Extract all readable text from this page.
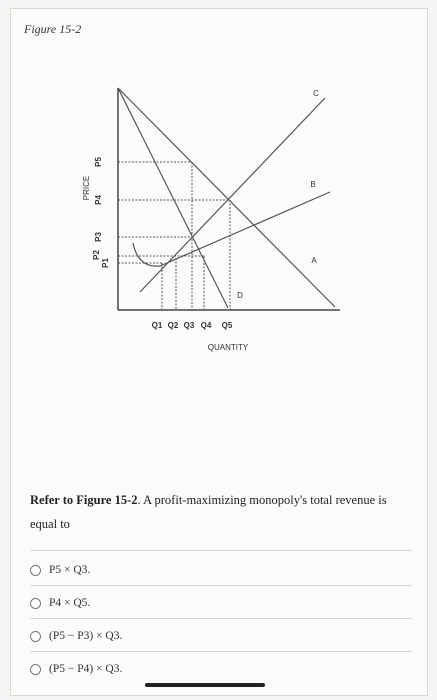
Figure 15-2
PRICE
P5
P4
P3
P2
P1
Q1 Q2 Q3 Q4 Q5
QUANTITY
C
B
A
D
Refer to Figure 15-2. A profit-maximizing monopoly's total revenue is equal to
P5 × Q3.
P4 × Q5.
(P5 − P3) × Q3.
(P5 − P4) × Q3.
